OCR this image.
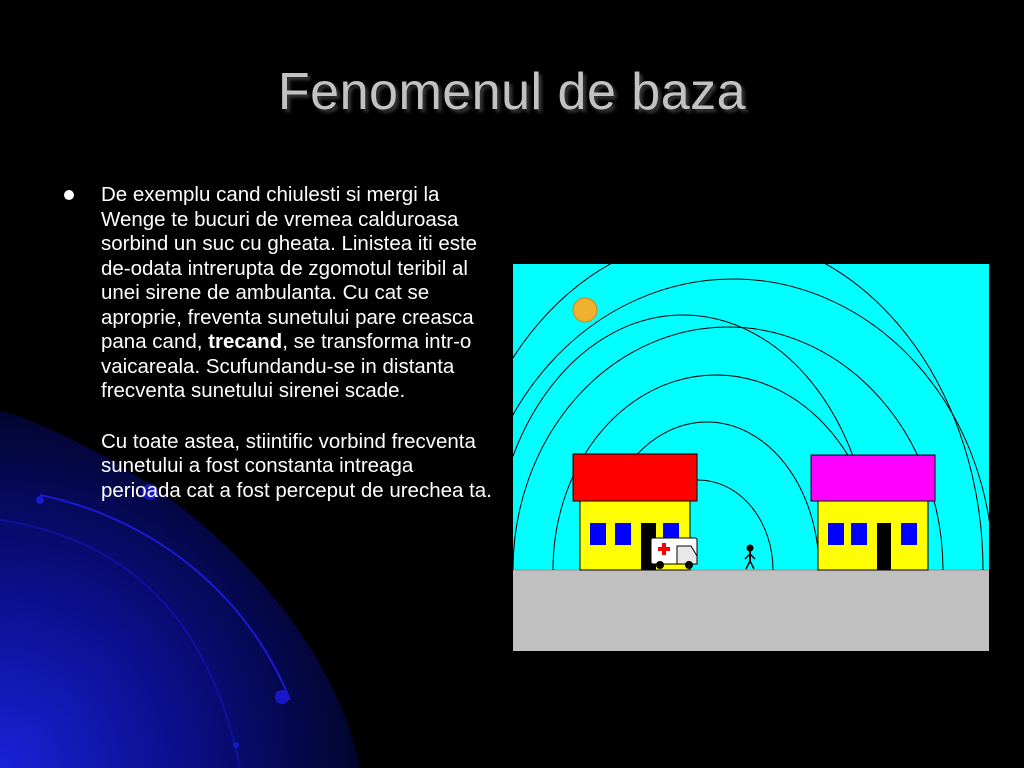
Fenomenul de baza
De exemplu cand chiulesti si mergi la Wenge te bucuri de vremea calduroasa sorbind un suc cu gheata. Linistea iti este de-odata intrerupta de zgomotul teribil al unei sirene de ambulanta. Cu cat se aproprie, freventa sunetului pare creasca pana cand, trecand, se transforma intr-o vaicareala. Scufundandu-se in distanta frecventa sunetului sirenei scade.
Cu toate astea, stiintific vorbind frecventa sunetului a fost constanta intreaga perioada cat a fost perceput de urechea ta.
